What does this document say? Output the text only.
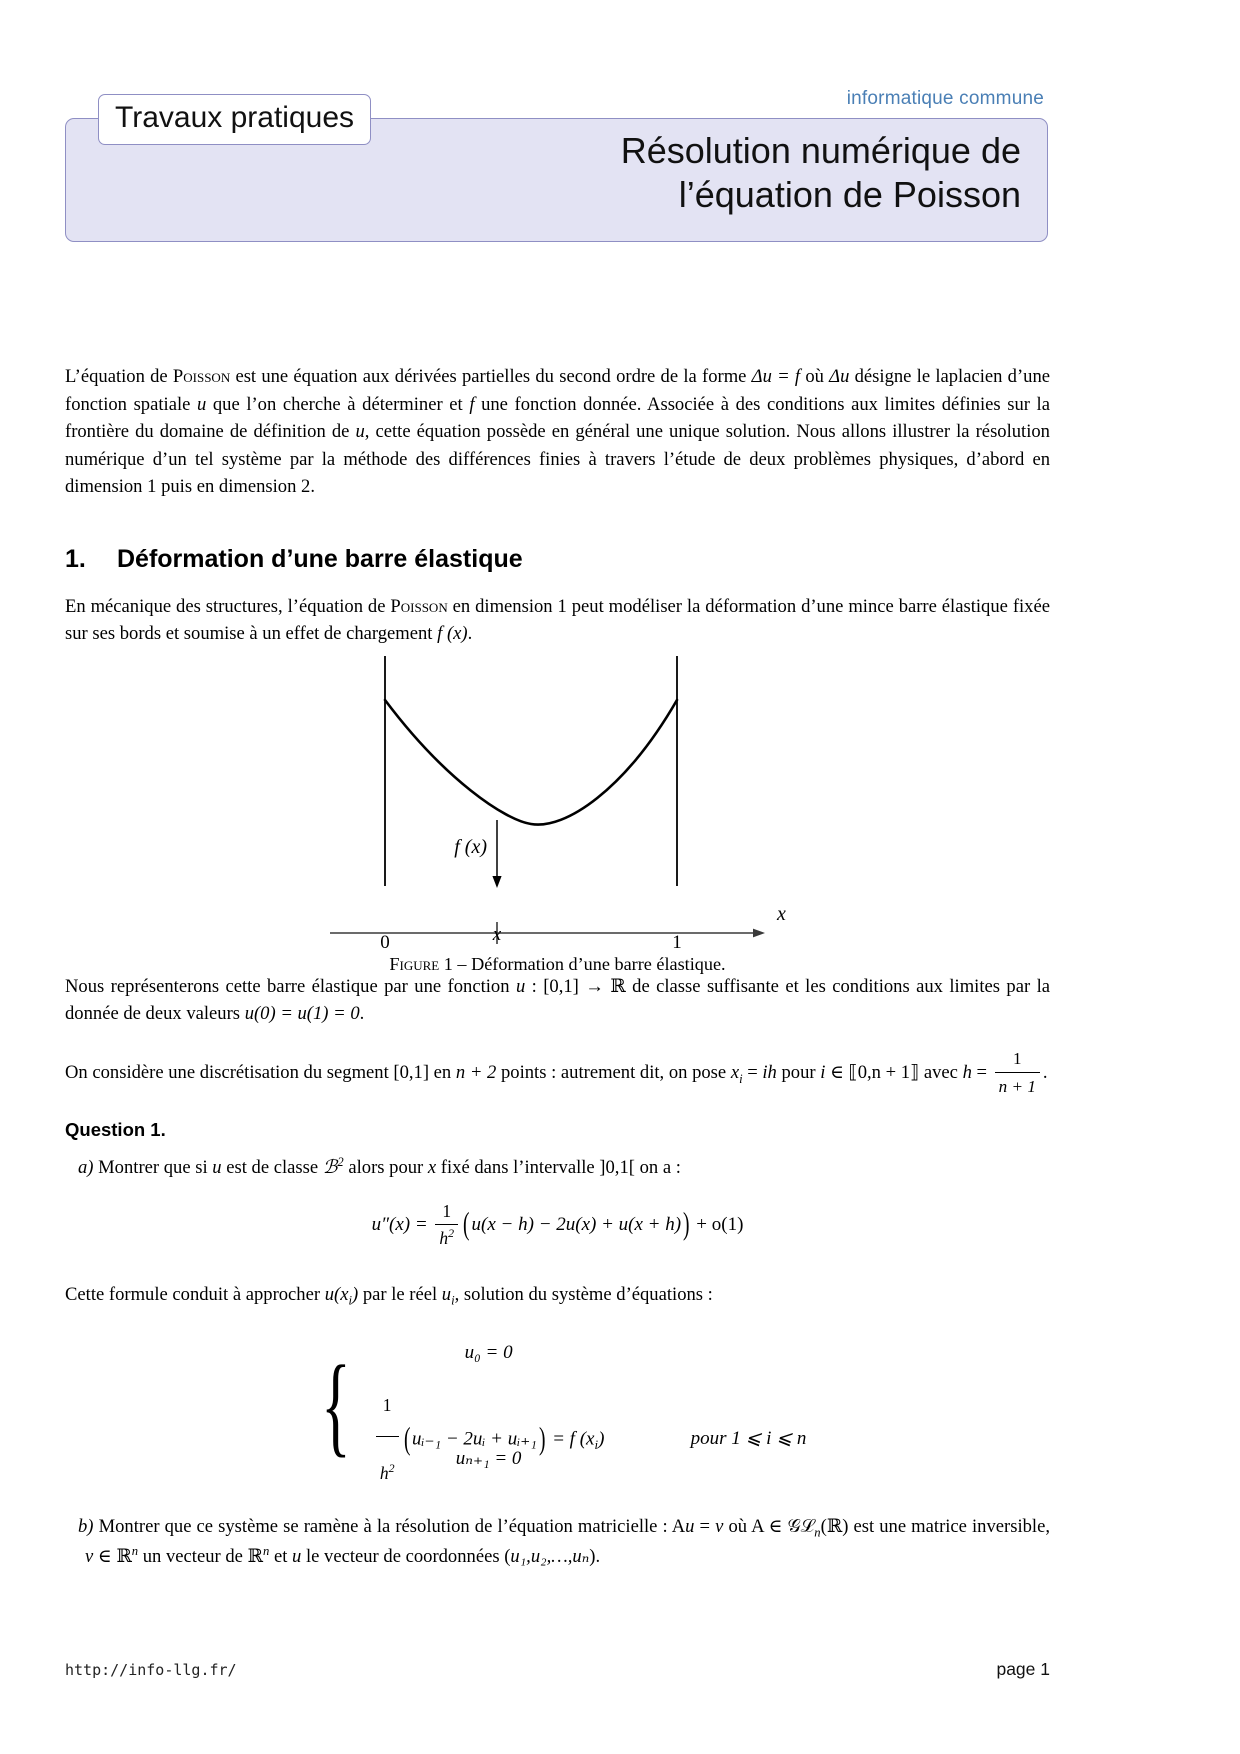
informatique commune
Résolution numérique de
l’équation de Poisson
Travaux pratiques

L’équation de Poisson est une équation aux dérivées partielles du second ordre de la forme Δu = f où Δu désigne le laplacien d’une fonction spatiale u que l’on cherche à déterminer et f une fonction donnée. Associée à des conditions aux limites définies sur la frontière du domaine de définition de u, cette équation possède en général une unique solution. Nous allons illustrer la résolution numérique d’un tel système par la méthode des différences finies à travers l’étude de deux problèmes physiques, d’abord en dimension 1 puis en dimension 2.

1. Déformation d’une barre élastique

En mécanique des structures, l’équation de Poisson en dimension 1 peut modéliser la déformation d’une mince barre élastique fixée sur ses bords et soumise à un effet de chargement f (x).

f (x)
x
0	x	1
Figure 1 – Déformation d’une barre élastique.

Nous représenterons cette barre élastique par une fonction u : [0,1] → ℝ de classe suffisante et les conditions aux limites par la donnée de deux valeurs u(0) = u(1) = 0.

On considère une discrétisation du segment [0,1] en n + 2 points : autrement dit, on pose $x_i$ = ih pour i ∈ ⟦0,n + 1⟧ avec $h = \frac{1}{n + 1}$ .

Question 1.
a) Montrer que si u est de classe ℬ$^2$ alors pour x fixé dans l’intervalle ]0,1[ on a :
$u''(x) = \frac{1}{h^2}$ ( u(x − h) − 2u(x) + u(x + h)) + o(1)

Cette formule conduit à approcher $u(x_i)$ par le réel $u_i$, solution du système d’équations :

{	u₀ = 0
$\frac{1}{h^2}$ ( uᵢ₋₁ − 2uᵢ + uᵢ₊₁) = f $(x_i)$	pour 1 ⩽ i ⩽ n
uₙ₊₁ = 0
b) Montrer que ce système se ramène à la résolution de l’équation matricielle : Au = v où A ∈ 𝒢ℒ$_n$(ℝ) est une matrice inversible, v ∈ ℝ$^n$ un vecteur de ℝ$^n$ et u le vecteur de coordonnées (u₁,u₂,…,uₙ).
http://info-llg.fr/	page 1
